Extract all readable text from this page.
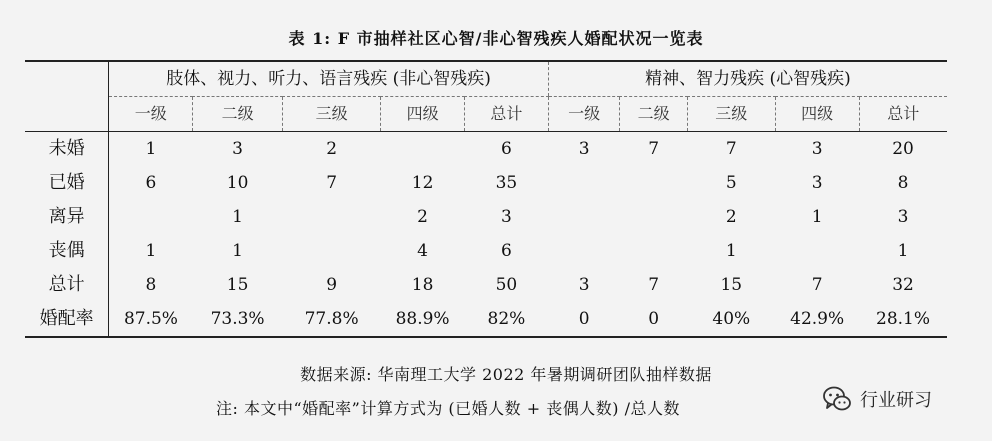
表 1: F 市抽样社区心智/非心智残疾人婚配状况一览表
	肢体、视力、听力、语言残疾 (非心智残疾)					精神、智力残疾 (心智残疾)				
	一级	二级	三级	四级	总计	一级	二级	三级	四级	总计
未婚	1	3	2		6	3	7	7	3	20
已婚	6	10	7	12	35			5	3	8
离异		1		2	3			2	1	3
丧偶	1	1		4	6			1		1
总计	8	15	9	18	50	3	7	15	7	32
婚配率	87.5%	73.3%	77.8%	88.9%	82%	0	0	40%	42.9%	28.1%
数据来源: 华南理工大学 2022 年暑期调研团队抽样数据
注: 本文中“婚配率”计算方式为 (已婚人数 + 丧偶人数) /总人数	行业研习
